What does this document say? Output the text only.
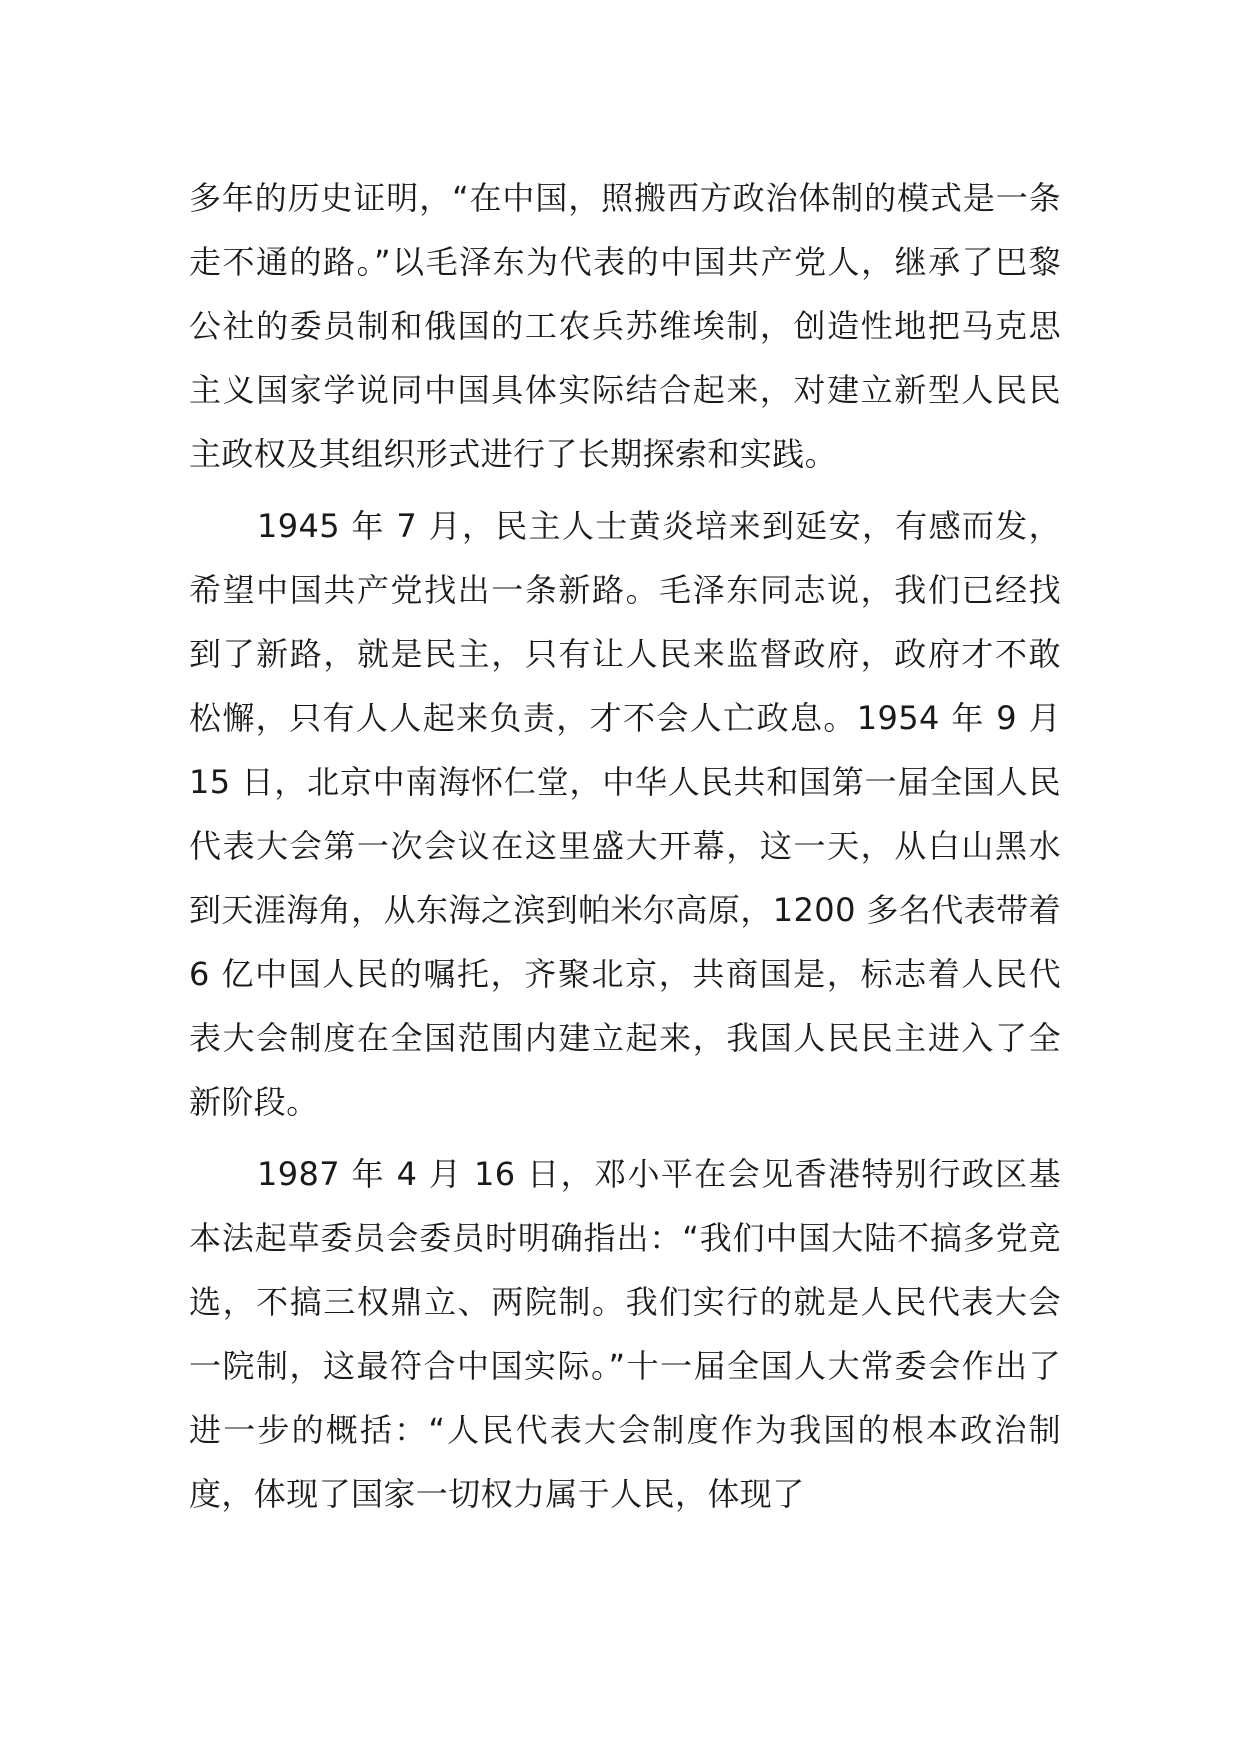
多年的历史证明，“在中国，照搬西方政治体制的模式是一条走不通的路。”以毛泽东为代表的中国共产党人，继承了巴黎公社的委员制和俄国的工农兵苏维埃制，创造性地把马克思主义国家学说同中国具体实际结合起来，对建立新型人民民主政权及其组织形式进行了长期探索和实践。

1945 年 7 月，民主人士黄炎培来到延安，有感而发，希望中国共产党找出一条新路。毛泽东同志说，我们已经找到了新路，就是民主，只有让人民来监督政府，政府才不敢松懈，只有人人起来负责，才不会人亡政息。1954 年 9 月 15 日，北京中南海怀仁堂，中华人民共和国第一届全国人民代表大会第一次会议在这里盛大开幕，这一天，从白山黑水到天涯海角，从东海之滨到帕米尔高原，1200 多名代表带着 6 亿中国人民的嘱托，齐聚北京，共商国是，标志着人民代表大会制度在全国范围内建立起来，我国人民民主进入了全新阶段。

1987 年 4 月 16 日，邓小平在会见香港特别行政区基本法起草委员会委员时明确指出：“我们中国大陆不搞多党竞选，不搞三权鼎立、两院制。我们实行的就是人民代表大会一院制，这最符合中国实际。”十一届全国人大常委会作出了进一步的概括：“人民代表大会制度作为我国的根本政治制度，体现了国家一切权力属于人民，体现了
